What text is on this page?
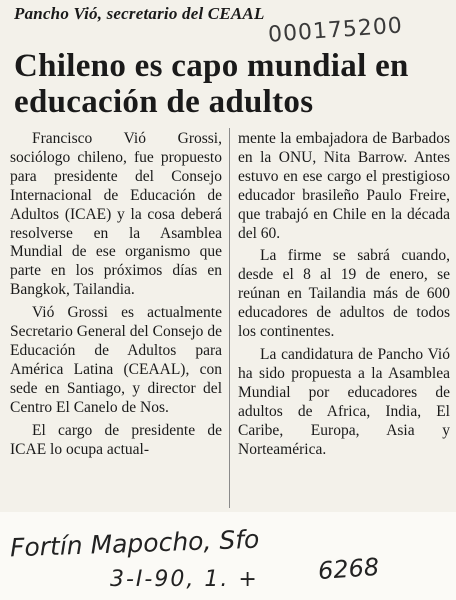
Pancho Vió, secretario del CEAAL 000175200
Chileno es capo mundial en educación de adultos

Francisco Vió Grossi, sociólogo chileno, fue propuesto para presidente del Consejo Internacional de Educación de Adultos (ICAE) y la cosa deberá resolverse en la Asamblea Mundial de ese organismo que parte en los próximos días en Bangkok, Tailandia.

Vió Grossi es actualmente Secretario General del Consejo de Educación de Adultos para América Latina (CEAAL), con sede en Santiago, y director del Centro El Canelo de Nos.

El cargo de presidente de ICAE lo ocupa actual-

mente la embajadora de Barbados en la ONU, Nita Barrow. Antes estuvo en ese cargo el prestigioso educador brasileño Paulo Freire, que trabajó en Chile en la década del 60.

La firme se sabrá cuando, desde el 8 al 19 de enero, se reúnan en Tailandia más de 600 educadores de adultos de todos los continentes.

La candidatura de Pancho Vió ha sido propuesta a la Asamblea Mundial por educadores de adultos de Africa, India, El Caribe, Europa, Asia y Norteamérica.

Fortín Mapocho, Sfo
3-I-90, 1. + 6268
